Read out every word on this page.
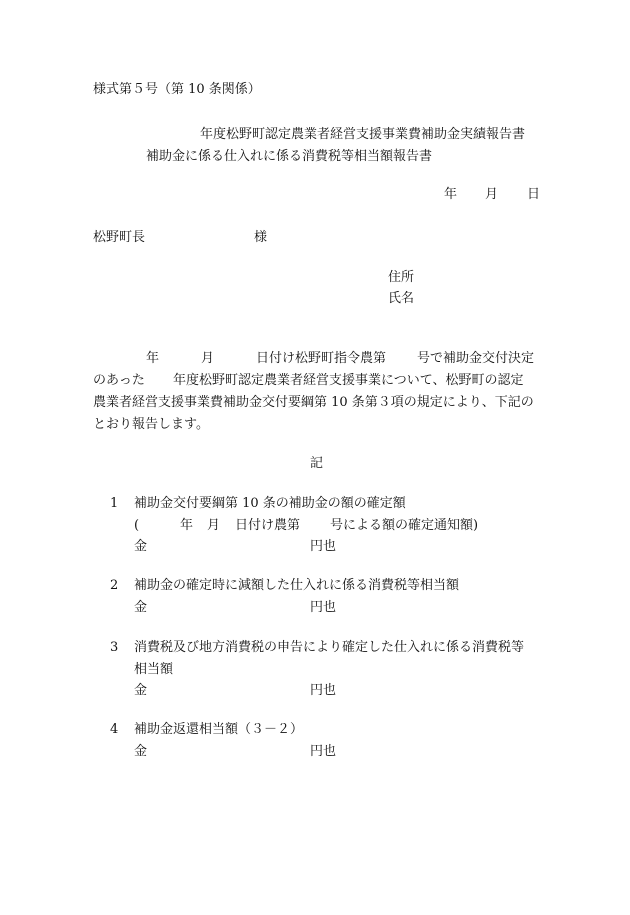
様式第５号（第 10 条関係）
年度松野町認定農業者経営支援事業費補助金実績報告書
補助金に係る仕入れに係る消費税等相当額報告書
年 月 日
松野町長	様
住所
氏名
年	月	日付け松野町指令農第 号で補助金交付決定
のあった 年度松野町認定農業者経営支援事業について、松野町の認定
農業者経営支援事業費補助金交付要綱第 10 条第３項の規定により、下記の
とおり報告します。
記
1 補助金交付要綱第 10 条の補助金の額の確定額
(	年 月 日付け農第 号による額の確定通知額)
金	円也
2 補助金の確定時に減額した仕入れに係る消費税等相当額
金	円也
3 消費税及び地方消費税の申告により確定した仕入れに係る消費税等
相当額
金	円也
4 補助金返還相当額（３－２）
金	円也
